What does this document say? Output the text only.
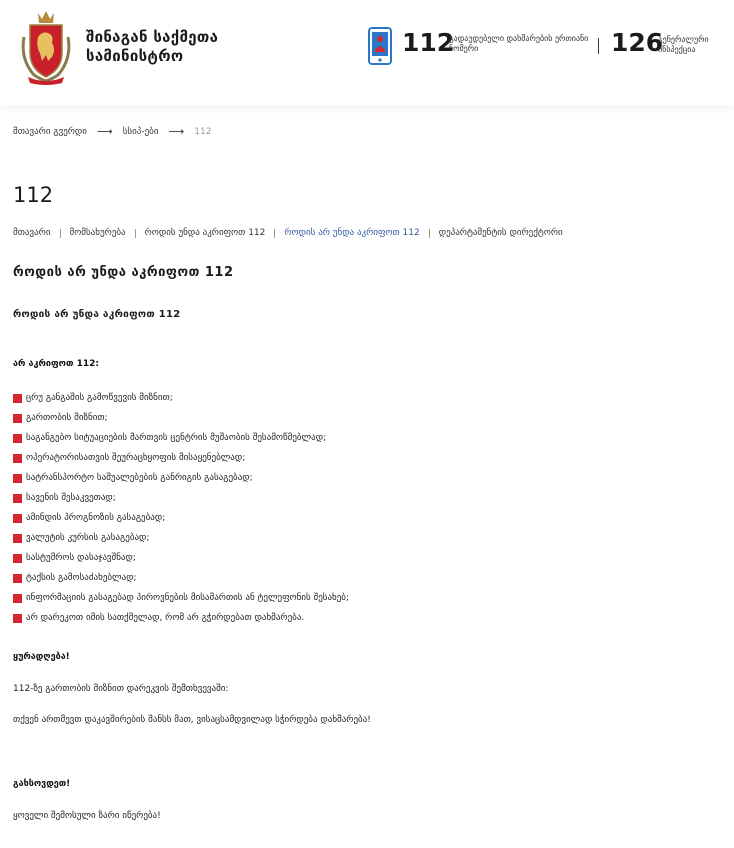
შინაგან საქმეთა სამინისტრო	112
გადაუდებელი დახმარების ერთიანი ნომერი	126
გენერალური ინსპექცია
მთავარი გვერდი ⟶ სსიპ-ები ⟶ 112
112
მთავარი მომსახურება როდის უნდა აკრიფოთ 112 როდის არ უნდა აკრიფოთ 112 დეპარტამენტის დირექტორი
როდის არ უნდა აკრიფოთ 112
როდის არ უნდა აკრიფოთ 112
არ აკრიფოთ 112:
ცრუ განგაშის გამოწვევის მიზნით;
გართობის მიზნით;
საგანგებო სიტუაციების მართვის ცენტრის მუშაობის შესამოწმებლად;
ოპერატორისათვის შეურაცხყოფის მისაყენებლად;
სატრანსპორტო საშუალებების განრიგის გასაგებად;
სავენის შესაკვეთად;
ამინდის პროგნოზის გასაგებად;
ვალუტის კურსის გასაგებად;
სასტუმროს დასაჯავშნად;
ტაქსის გამოსაძახებლად;
ინფორმაციის გასაგებად პიროვნების მისამართის ან ტელეფონის შესახებ;
არ დარეკოთ იმის სათქმელად, რომ არ გჭირდებათ დახმარება.
ყურადღება!
112-ზე გართობის მიზნით დარეკვის შემთხვევაში:
თქვენ ართმევთ დაკავშირების შანსს მათ, ვისაცსამდვილად სჭირდება დახმარება!
გახსოვდეთ!
ყოველი შემოსული ზარი იწერება!
